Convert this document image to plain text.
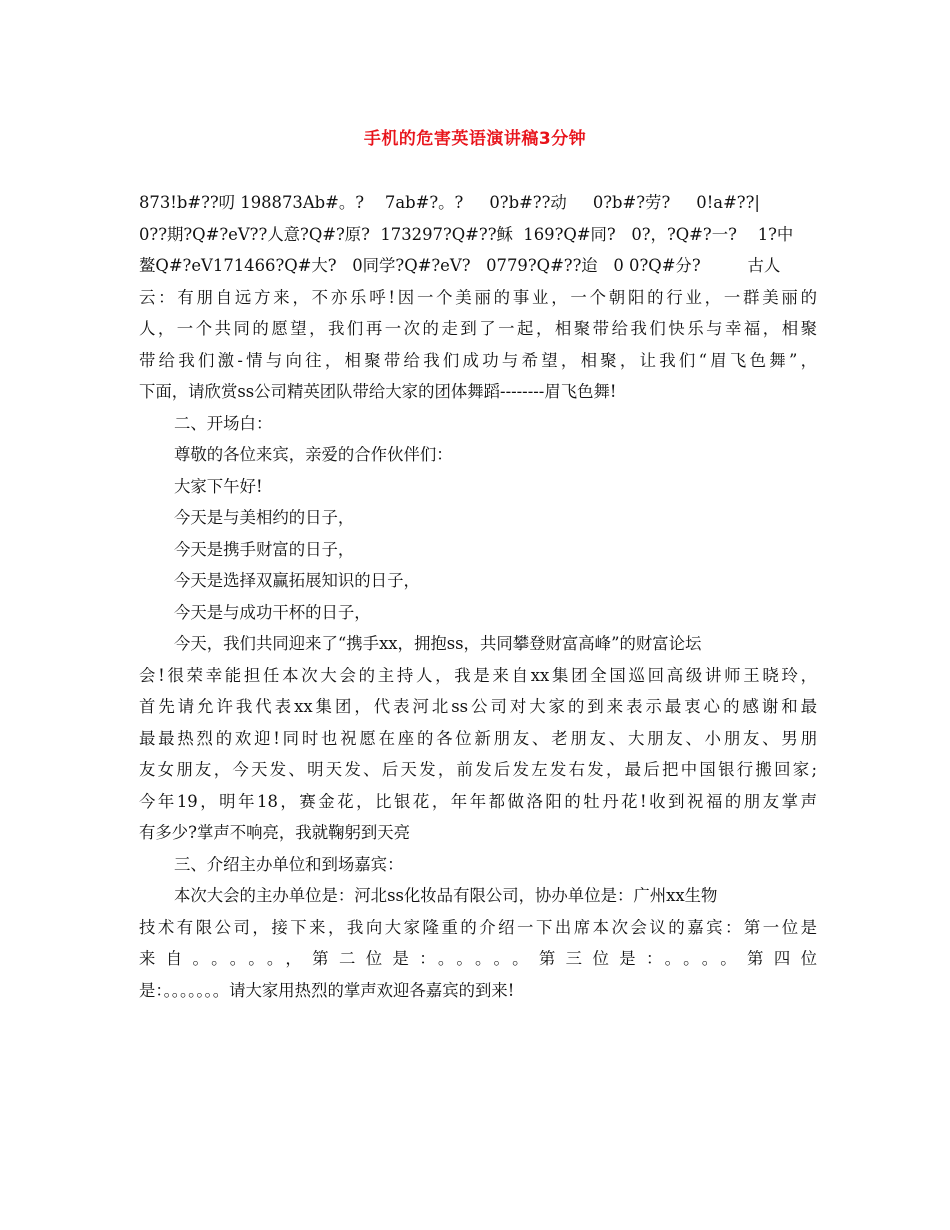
手机的危害英语演讲稿3分钟
873!b#??叨 198873Ab#。?    7ab#?。?     0?b#??动     0?b#?劳?     0!a#??|
0??期?Q#?eV??人意?Q#?原?  173297?Q#??稣  169?Q#同?   0?，?Q#?一?    1?中
鳌Q#?eV171466?Q#大?   0同学?Q#?eV?   0779?Q#??迨   0 0?Q#分?         古人
云：有朋自远方来，不亦乐呼!因一个美丽的事业，一个朝阳的行业，一群美丽的
人，一个共同的愿望，我们再一次的走到了一起，相聚带给我们快乐与幸福，相聚
带给我们激-情与向往，相聚带给我们成功与希望，相聚，让我们“眉飞色舞”，
下面，请欣赏ss公司精英团队带给大家的团体舞蹈--------眉飞色舞!
二、开场白：
尊敬的各位来宾，亲爱的合作伙伴们：
大家下午好!
今天是与美相约的日子，
今天是携手财富的日子，
今天是选择双赢拓展知识的日子，
今天是与成功干杯的日子，
今天，我们共同迎来了“携手xx，拥抱ss，共同攀登财富高峰”的财富论坛
会!很荣幸能担任本次大会的主持人，我是来自xx集团全国巡回高级讲师王晓玲，
首先请允许我代表xx集团，代表河北ss公司对大家的到来表示最衷心的感谢和最
最最热烈的欢迎!同时也祝愿在座的各位新朋友、老朋友、大朋友、小朋友、男朋
友女朋友，今天发、明天发、后天发，前发后发左发右发，最后把中国银行搬回家;
今年19，明年18，赛金花，比银花，年年都做洛阳的牡丹花!收到祝福的朋友掌声
有多少?掌声不响亮，我就鞠躬到天亮
三、介绍主办单位和到场嘉宾：
本次大会的主办单位是：河北ss化妆品有限公司，协办单位是：广州xx生物
技术有限公司，接下来，我向大家隆重的介绍一下出席本次会议的嘉宾：第一位是
来自。。。。。，第二位是：。。。。。第三位是：。。。。第四位
是：。。。。。。。请大家用热烈的掌声欢迎各嘉宾的到来!
